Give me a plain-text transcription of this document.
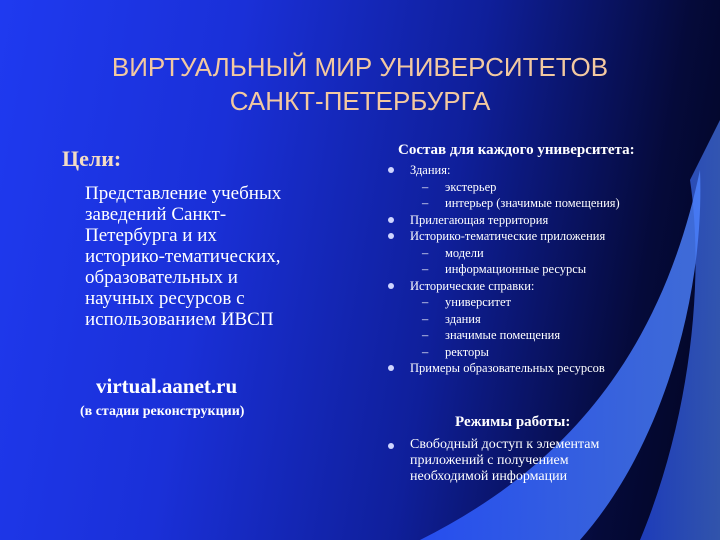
ВИРТУАЛЬНЫЙ МИР УНИВЕРСИТЕТОВ
САНКТ-ПЕТЕРБУРГА
Цели:
Представление учебных
заведений Санкт-
Петербурга и их
историко-тематических,
образовательных и
научных ресурсов с
использованием ИВСП
virtual.aanet.ru
(в стадии реконструкции)
Состав для каждого университета:
Здания:
– экстерьер
– интерьер (значимые помещения)
Прилегающая территория
Историко-тематические приложения
– модели
– информационные ресурсы
Исторические справки:
– университет
– здания
– значимые помещения
– ректоры
Примеры образовательных ресурсов
Режимы работы:
Свободный доступ к элементам
приложений с получением
необходимой информации
